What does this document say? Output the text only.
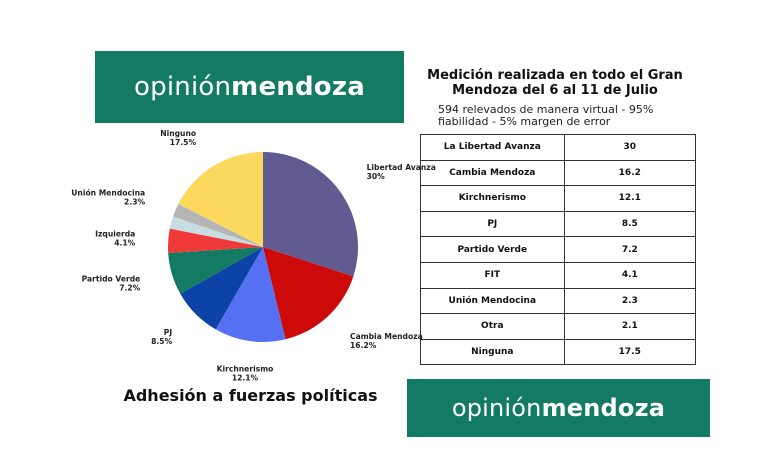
opinión mendoza
Libertad Avanza 30%
Cambia Mendoza 16.2%
Kirchnerismo 12.1%
PJ 8.5%
Partido Verde 7.2%
Izquierda 4.1%
Unión Mendocina 2.3%
Ninguno 17.5%
Adhesión a fuerzas políticas
Medición realizada en todo el Gran
Mendoza del 6 al 11 de Julio
594 relevados de manera virtual - 95%
fiabilidad - 5% margen de error
La Libertad Avanza	30
Cambia Mendoza	16.2
Kirchnerismo	12.1
PJ	8.5
Partido Verde	7.2
FIT	4.1
Unión Mendocina	2.3
Otra	2.1
Ninguna	17.5
opinión mendoza
